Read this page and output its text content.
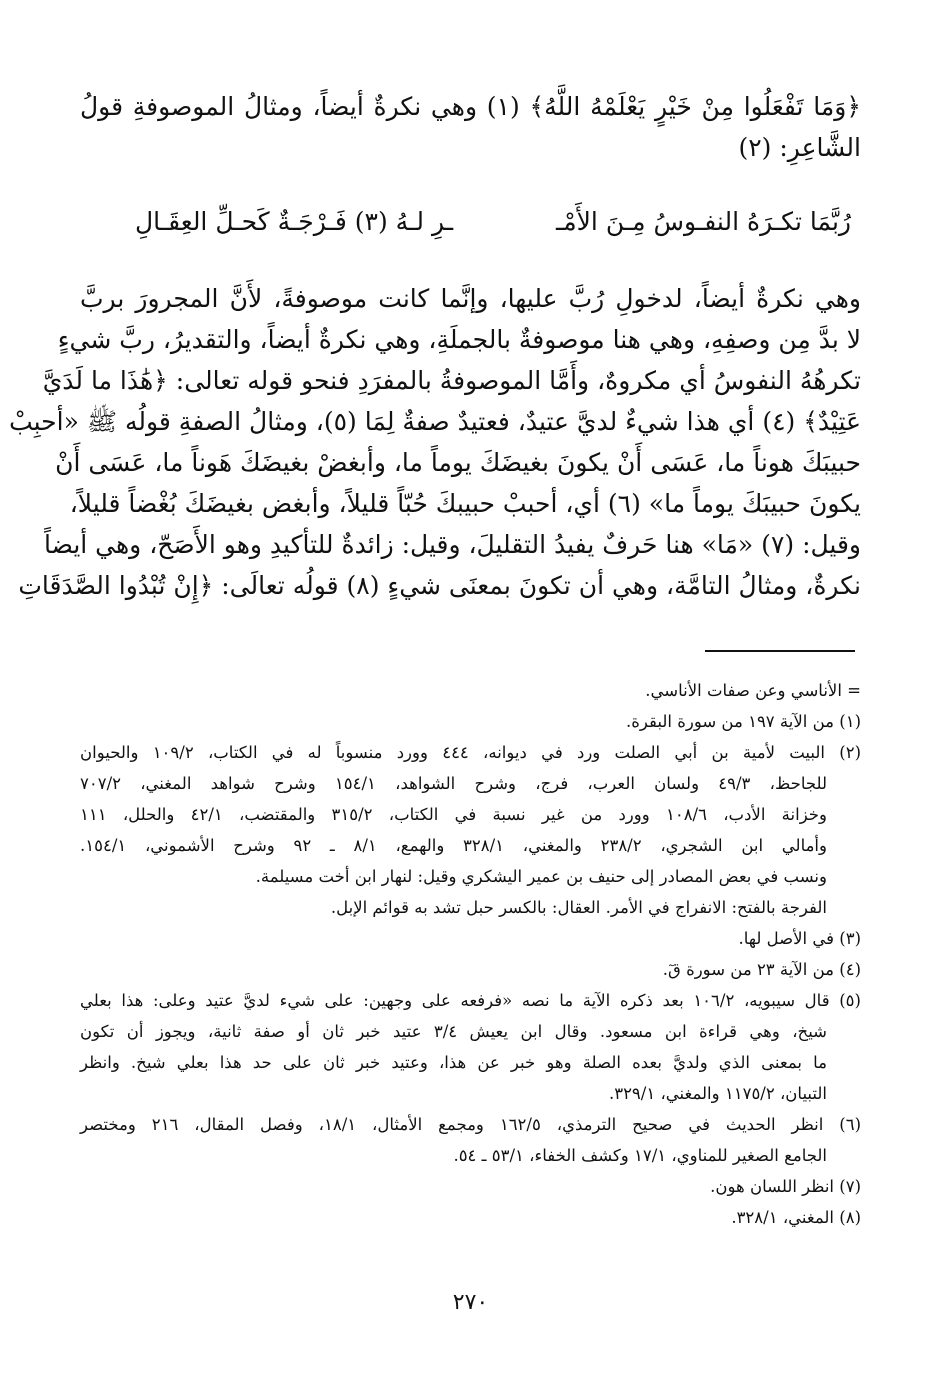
﴿وَمَا تَفْعَلُوا مِنْ خَيْرٍ يَعْلَمْهُ اللَّهُ﴾ (١) وهي نكرةٌ أيضاً، ومثالُ الموصوفةِ قولُ
الشَّاعِرِ: (٢)
رُبَّمَا تكـرَهُ النفـوسُ مِـنَ الأَمْـ
ـرِ لـهُ (٣) فَـرْجَـةٌ كَحـلِّ العِقَـالِ
وهي نكرةٌ أيضاً، لدخولِ رُبَّ عليها، وإنَّما كانت موصوفةً، لأَنَّ المجرورَ بربَّ
لا بدَّ مِن وصفِهِ، وهي هنا موصوفةٌ بالجملَةِ، وهي نكرةٌ أيضاً، والتقديرُ، ربَّ شيءٍ
تكرهُهُ النفوسُ أي مكروهٌ، وأَمَّا الموصوفةُ بالمفرَدِ فنحو قوله تعالى: ﴿هَٰذَا ما لَدَيَّ
عَتِيْدٌ﴾ (٤) أي هذا شيءٌ لديَّ عتيدٌ، فعتيدٌ صفةٌ لِمَا (٥)، ومثالُ الصفةِ قولُه ﷺ «أحبِبْ
حبيبَكَ هوناً ما، عَسَى أَنْ يكونَ بغيضَكَ يوماً ما، وأبغضْ بغيضَكَ هَوناً ما، عَسَى أَنْ
يكونَ حبيبَكَ يوماً ما» (٦) أي، أحببْ حبيبكَ حُبّاً قليلاً، وأبغض بغيضَكَ بُغْضاً قليلاً،
وقيل: (٧) «مَا» هنا حَرفٌ يفيدُ التقليلَ، وقيل: زائدةٌ للتأكيدِ وهو الأَصَحّ، وهي أيضاً
نكرةٌ، ومثالُ التامَّة، وهي أن تكونَ بمعنَى شيءٍ (٨) قولُه تعالَى: ﴿إِنْ تُبْدُوا الصَّدَقَاتِ
= الأناسي وعن صفات الأناسي.
(١) من الآية ١٩٧ من سورة البقرة.
(٢) البيت لأمية بن أبي الصلت ورد في ديوانه، ٤٤٤ وورد منسوباً له في الكتاب، ١٠٩/٢ والحيوان
للجاحظ، ٤٩/٣ ولسان العرب، فرج، وشرح الشواهد، ١٥٤/١ وشرح شواهد المغني، ٧٠٧/٢
وخزانة الأدب، ١٠٨/٦ وورد من غير نسبة في الكتاب، ٣١٥/٢ والمقتضب، ٤٢/١ والحلل، ١١١
وأمالي ابن الشجري، ٢٣٨/٢ والمغني، ٣٢٨/١ والهمع، ٨/١ ـ ٩٢ وشرح الأشموني، ١٥٤/١.
ونسب في بعض المصادر إلى حنيف بن عمير اليشكري وقيل: لنهار ابن أخت مسيلمة.
الفرجة بالفتح: الانفراج في الأمر. العقال: بالكسر حبل تشد به قوائم الإبل.
(٣) في الأصل لها.
(٤) من الآية ٢٣ من سورة قٓ.
(٥) قال سيبويه، ١٠٦/٢ بعد ذكره الآية ما نصه «فرفعه على وجهين: على شيء لديَّ عتيد وعلى: هذا بعلي
شيخ، وهي قراءة ابن مسعود. وقال ابن يعيش ٣/٤ عتيد خبر ثان أو صفة ثانية، ويجوز أن تكون
ما بمعنى الذي ولديَّ بعده الصلة وهو خبر عن هذا، وعتيد خبر ثان على حد هذا بعلي شيخ. وانظر
التبيان، ١١٧٥/٢ والمغني، ٣٢٩/١.
(٦) انظر الحديث في صحيح الترمذي، ١٦٢/٥ ومجمع الأمثال، ١٨/١، وفصل المقال، ٢١٦ ومختصر
الجامع الصغير للمناوي، ١٧/١ وكشف الخفاء، ٥٣/١ ـ ٥٤.
(٧) انظر اللسان هون.
(٨) المغني، ٣٢٨/١.
٢٧٠
